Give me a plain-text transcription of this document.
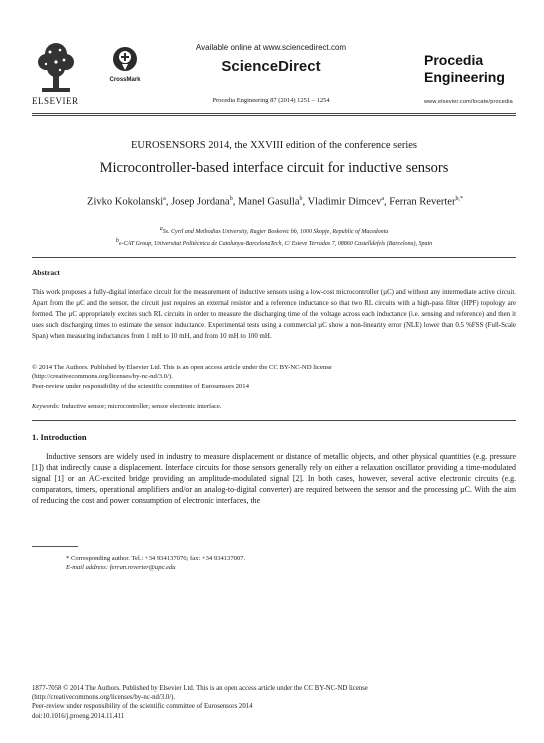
ELSEVIER
CrossMark
Available online at www.sciencedirect.com
ScienceDirect
Procedia Engineering 87 (2014) 1251 – 1254
Procedia
Engineering
www.elsevier.com/locate/procedia
EUROSENSORS 2014, the XXVIII edition of the conference series
Microcontroller-based interface circuit for inductive sensors
Zivko Kokolanski$^a$, Josep Jordana$^b$, Manel Gasulla$^b$, Vladimir Dimcev$^a$, Ferran Reverter$^{b,*}$
$^a$Ss. Cyril and Methodius University, Rugjer Boskovic bb, 1000 Skopje, Republic of Macedonia
$^b$e-CAT Group, Universitat Politècnica de Catalunya-BarcelonaTech, C/ Esteve Terradas 7, 08860 Castelldefels (Barcelona), Spain
Abstract
This work proposes a fully-digital interface circuit for the measurement of inductive sensors using a low-cost microcontroller (µC) and without any intermediate active circuit. Apart from the µC and the sensor, the circuit just requires an external resistor and a reference inductance so that two RL circuits with a high-pass filter (HPF) topology are formed. The µC appropriately excites such RL circuits in order to measure the discharging time of the voltage across each inductance (i.e. sensing and reference) and then it uses such discharging times to estimate the sensor inductance. Experimental tests using a commercial µC show a non-linearity error (NLE) lower than 0.5 %FSS (Full-Scale Span) when measuring inductances from 1 mH to 10 mH, and from 10 mH to 100 mH.
© 2014 The Authors. Published by Elsevier Ltd. This is an open access article under the CC BY-NC-ND license
(http://creativecommons.org/licenses/by-nc-nd/3.0/).
Peer-review under responsibility of the scientific committee of Eurosensors 2014
Keywords: Inductive sensor; microcontroller; sensor electronic interface.
1. Introduction
Inductive sensors are widely used in industry to measure displacement or distance of metallic objects, and other physical quantities (e.g. pressure [1]) that indirectly cause a displacement. Interface circuits for those sensors generally rely on either a relaxation oscillator providing a time-modulated signal [1] or an AC-excited bridge providing an amplitude-modulated signal [2]. In both cases, however, several active electronic circuits (e.g. comparators, timers, operational amplifiers and/or an analog-to-digital converter) are required between the sensor and the processing µC. With the aim of reducing the cost and power consumption of electronic interfaces, the
* Corresponding author. Tel.: +34 934137076; fax: +34 934137007.
E-mail address: ferran.reverter@upc.edu
1877-7058 © 2014 The Authors. Published by Elsevier Ltd. This is an open access article under the CC BY-NC-ND license
(http://creativecommons.org/licenses/by-nc-nd/3.0/).
Peer-review under responsibility of the scientific committee of Eurosensors 2014
doi:10.1016/j.proeng.2014.11.411
